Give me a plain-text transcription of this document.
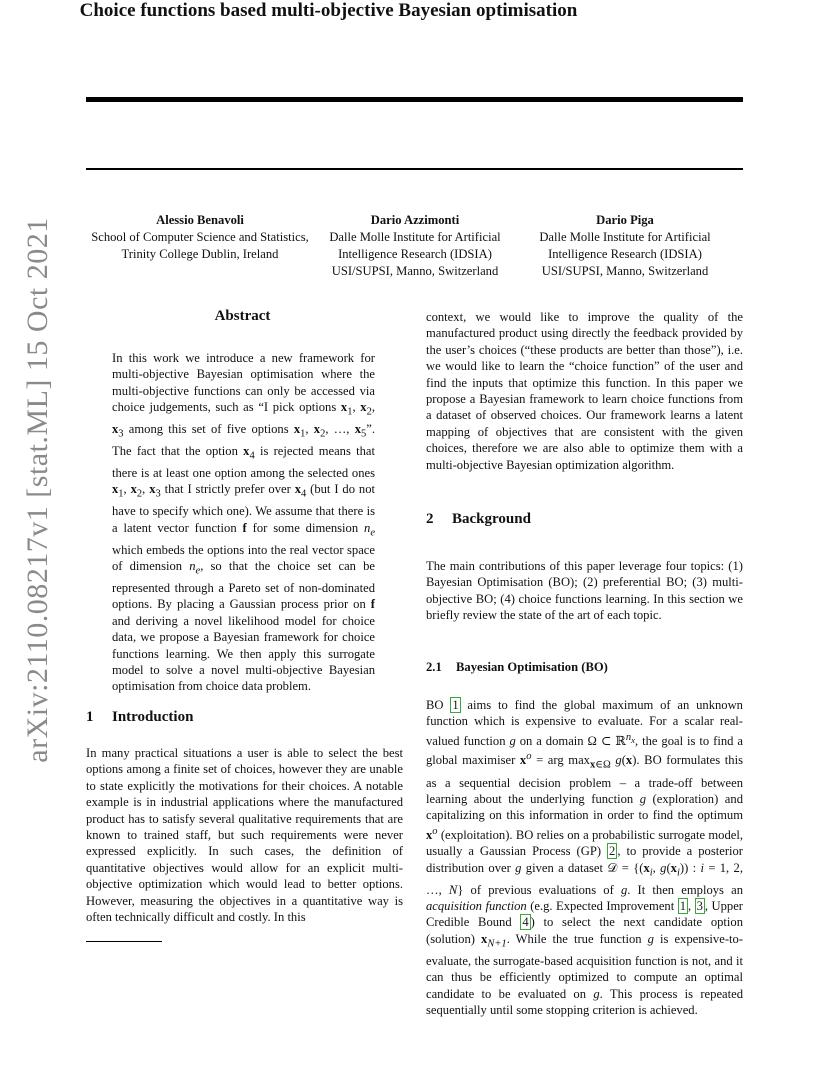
Choice functions based multi-objective Bayesian optimisation
Alessio Benavoli
School of Computer Science and Statistics,
Trinity College Dublin, Ireland
Dario Azzimonti
Dalle Molle Institute for Artificial
Intelligence Research (IDSIA)
USI/SUPSI, Manno, Switzerland
Dario Piga
Dalle Molle Institute for Artificial
Intelligence Research (IDSIA)
USI/SUPSI, Manno, Switzerland
arXiv:2110.08217v1 [stat.ML] 15 Oct 2021	Abstract

In this work we introduce a new framework for multi-objective Bayesian optimisation where the multi-objective functions can only be accessed via choice judgements, such as “I pick options $x_1$, $x_2$, $x_3$ among this set of five options $x_1$, $x_2$, …, $x_5$”. The fact that the option $x_4$ is rejected means that there is at least one option among the selected ones $x_1$, $x_2$, $x_3$ that I strictly prefer over $x_4$ (but I do not have to specify which one). We assume that there is a latent vector function f for some dimension $n_e$ which embeds the options into the real vector space of dimension $n_e$, so that the choice set can be represented through a Pareto set of non-dominated options. By placing a Gaussian process prior on f and deriving a novel likelihood model for choice data, we propose a Bayesian framework for choice functions learning. We then apply this surrogate model to solve a novel multi-objective Bayesian optimisation from choice data problem.

1 Introduction
In many practical situations a user is able to select the best options among a finite set of choices, however they are unable to state explicitly the motivations for their choices. A notable example is in industrial applications where the manufactured product has to satisfy several qualitative requirements that are known to trained staff, but such requirements were never expressed explicitly. In such cases, the definition of quantitative objectives would allow for an explicit multi-objective optimization which would lead to better options. However, measuring the objectives in a quantitative way is often technically difficult and costly. In this
context, we would like to improve the quality of the manufactured product using directly the feedback provided by the user’s choices (“these products are better than those”), i.e. we would like to learn the “choice function” of the user and find the inputs that optimize this function. In this paper we propose a Bayesian framework to learn choice functions from a dataset of observed choices. Our framework learns a latent mapping of objectives that are consistent with the given choices, therefore we are also able to optimize them with a multi-objective Bayesian optimization algorithm.
2 Background
The main contributions of this paper leverage four topics: (1) Bayesian Optimisation (BO); (2) preferential BO; (3) multi-objective BO; (4) choice functions learning. In this section we briefly review the state of the art of each topic.
2.1 Bayesian Optimisation (BO)

BO 1 aims to find the global maximum of an unknown function which is expensive to evaluate. For a scalar real-valued function g on a domain Ω ⊂ ℝ$^{n_x}$, the goal is to find a global maximiser $x^o$ = arg $\max_{x\in\Omega} g(x)$. BO formulates this as a sequential decision problem – a trade-off between learning about the underlying function g (exploration) and capitalizing on this information in order to find the optimum $x^o$ (exploitation). BO relies on a probabilistic surrogate model, usually a Gaussian Process (GP) 2 , to provide a posterior distribution over g given a dataset 𝒟 = {($x_i$, $g(x_i)$) : i = 1, 2, …, N} of previous evaluations of g. It then employs an acquisition function (e.g. Expected Improvement 1 , 3 , Upper Credible Bound 4 ) to select the next candidate option (solution) $x_{N+1}$. While the true function g is expensive-to-evaluate, the surrogate-based acquisition function is not, and it can thus be efficiently optimized to compute an optimal candidate to be evaluated on g. This process is repeated sequentially until some stopping criterion is achieved.
